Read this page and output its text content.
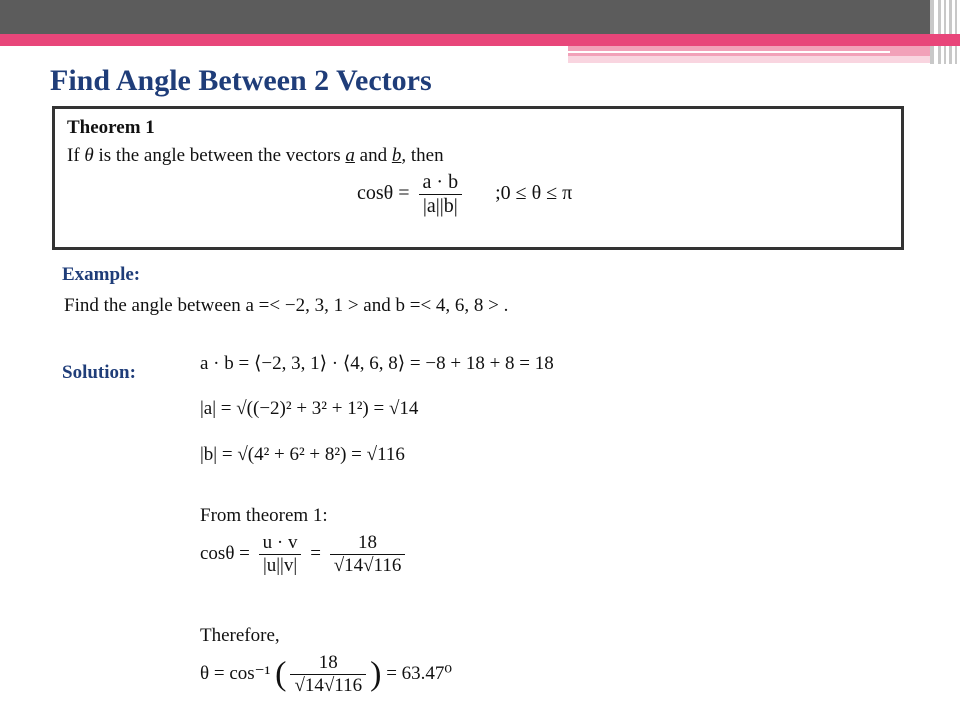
Find Angle Between 2 Vectors
Theorem 1
If θ is the angle between the vectors a and b, then
$\cos\theta = \frac{a \cdot b}{|a||b|}$ ;0 ≤ θ ≤ π
Example:
Find the angle between a =< −2, 3, 1 > and b =< 4, 6, 8 > .
Solution:	a · b = ⟨−2, 3, 1⟩ · ⟨4, 6, 8⟩ = −8 + 18 + 8 = 18
|a| = √((−2)² + 3² + 1²) = √14
|b| = √(4² + 6² + 8²) = √116
From theorem 1:
$\cos\theta = \frac{u \cdot v}{|u||v|} = \frac{18}{√14√116}$
Therefore,
θ = cos⁻¹ ( $\frac{18}{√14√116}$ ) = 63.47⁰
